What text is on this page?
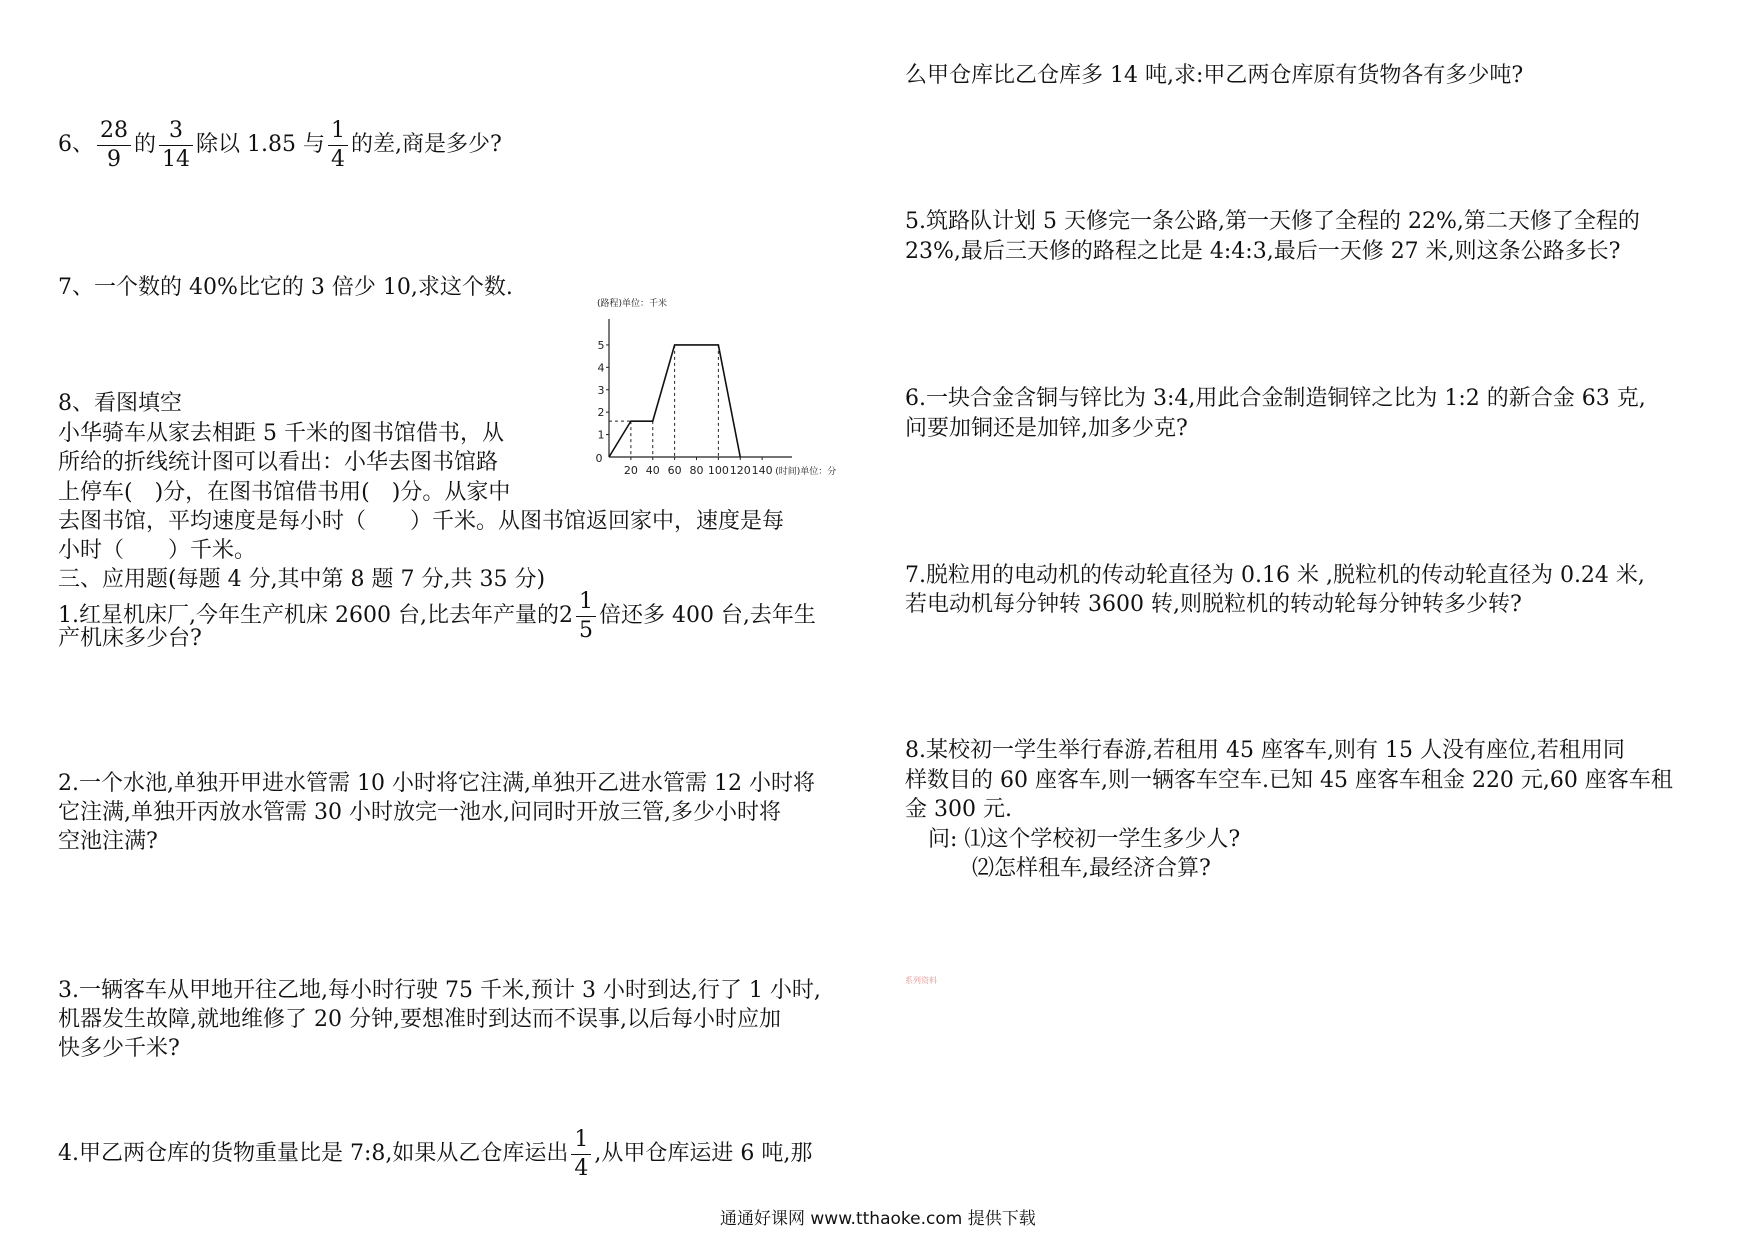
6、 $\frac{28}{9}$ 的 $\frac{3}{14}$ 除以 1.85 与 $\frac{1}{4}$ 的差,商是多少?
7、一个数的 40%比它的 3 倍少 10,求这个数.
8、看图填空
小华骑车从家去相距 5 千米的图书馆借书，从
所给的折线统计图可以看出：小华去图书馆路
上停车(　)分，在图书馆借书用(　)分。从家中
去图书馆，平均速度是每小时（　　）千米。从图书馆返回家中，速度是每
小时（　　）千米。
三、应用题(每题 4 分,其中第 8 题 7 分,共 35 分)
1.红星机床厂,今年生产机床 2600 台,比去年产量的 $2 \frac{1}{5}$ 倍还多 400 台,去年生
产机床多少台?
2.一个水池,单独开甲进水管需 10 小时将它注满,单独开乙进水管需 12 小时将
它注满,单独开丙放水管需 30 小时放完一池水,问同时开放三管,多少小时将
空池注满?
3.一辆客车从甲地开往乙地,每小时行驶 75 千米,预计 3 小时到达,行了 1 小时,
机器发生故障,就地维修了 20 分钟,要想准时到达而不误事,以后每小时应加
快多少千米?
4.甲乙两仓库的货物重量比是 7:8,如果从乙仓库运出 $\frac{1}{4}$ ,从甲仓库运进 6 吨,那
0
1
2
3
4
5
20 40 60 80 100 120 140
(路程)单位：千米
(时间)单位：分
么甲仓库比乙仓库多 14 吨,求:甲乙两仓库原有货物各有多少吨?
5.筑路队计划 5 天修完一条公路,第一天修了全程的 22%,第二天修了全程的
23%,最后三天修的路程之比是 4:4:3,最后一天修 27 米,则这条公路多长?
6.一块合金含铜与锌比为 3:4,用此合金制造铜锌之比为 1:2 的新合金 63 克,
问要加铜还是加锌,加多少克?
7.脱粒用的电动机的传动轮直径为 0.16 米 ,脱粒机的传动轮直径为 0.24 米,
若电动机每分钟转 3600 转,则脱粒机的转动轮每分钟转多少转?
8.某校初一学生举行春游,若租用 45 座客车,则有 15 人没有座位,若租用同
样数目的 60 座客车,则一辆客车空车.已知 45 座客车租金 220 元,60 座客车租
金 300 元.
问: ⑴这个学校初一学生多少人?
⑵怎样租车,最经济合算?
系列资料
通通好课网 www.tthaoke.com 提供下载
